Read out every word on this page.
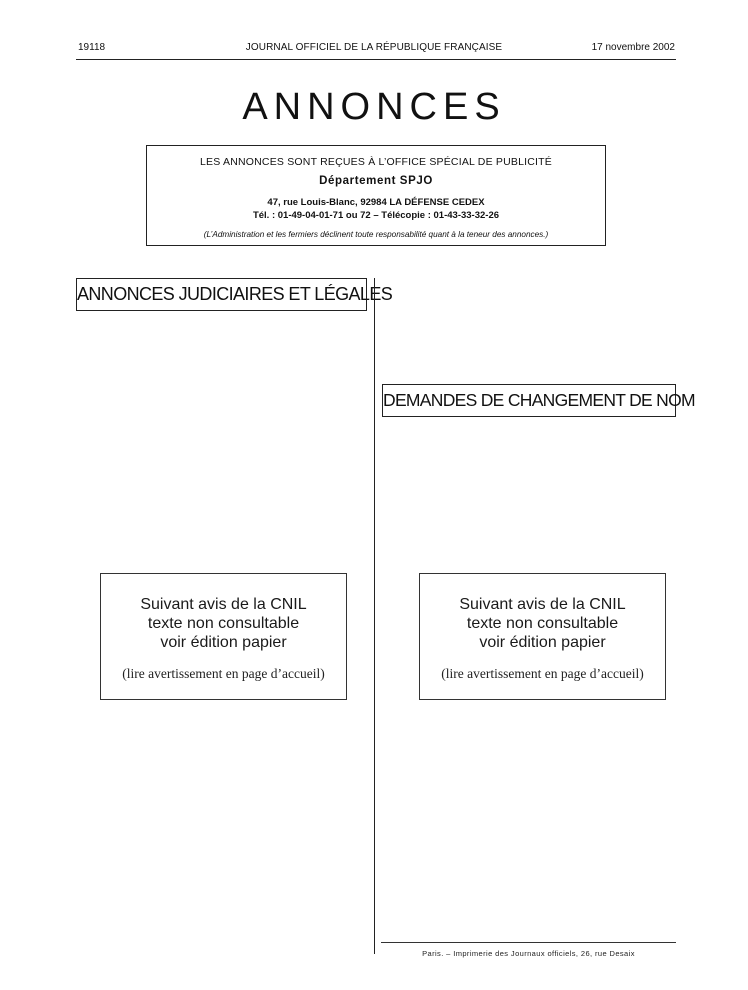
19118	JOURNAL OFFICIEL DE LA RÉPUBLIQUE FRANÇAISE	17 novembre 2002
ANNONCES
LES ANNONCES SONT REÇUES À L’OFFICE SPÉCIAL DE PUBLICITÉ
Département SPJO
47, rue Louis-Blanc, 92984 LA DÉFENSE CEDEX
Tél. : 01-49-04-01-71 ou 72 – Télécopie : 01-43-33-32-26
(L’Administration et les fermiers déclinent toute responsabilité quant à la teneur des annonces.)
ANNONCES JUDICIAIRES ET LÉGALES
DEMANDES DE CHANGEMENT DE NOM
Suivant avis de la CNIL
texte non consultable
voir édition papier
(lire avertissement en page d’accueil)
Suivant avis de la CNIL
texte non consultable
voir édition papier
(lire avertissement en page d’accueil)
Paris. – Imprimerie des Journaux officiels, 26, rue Desaix
